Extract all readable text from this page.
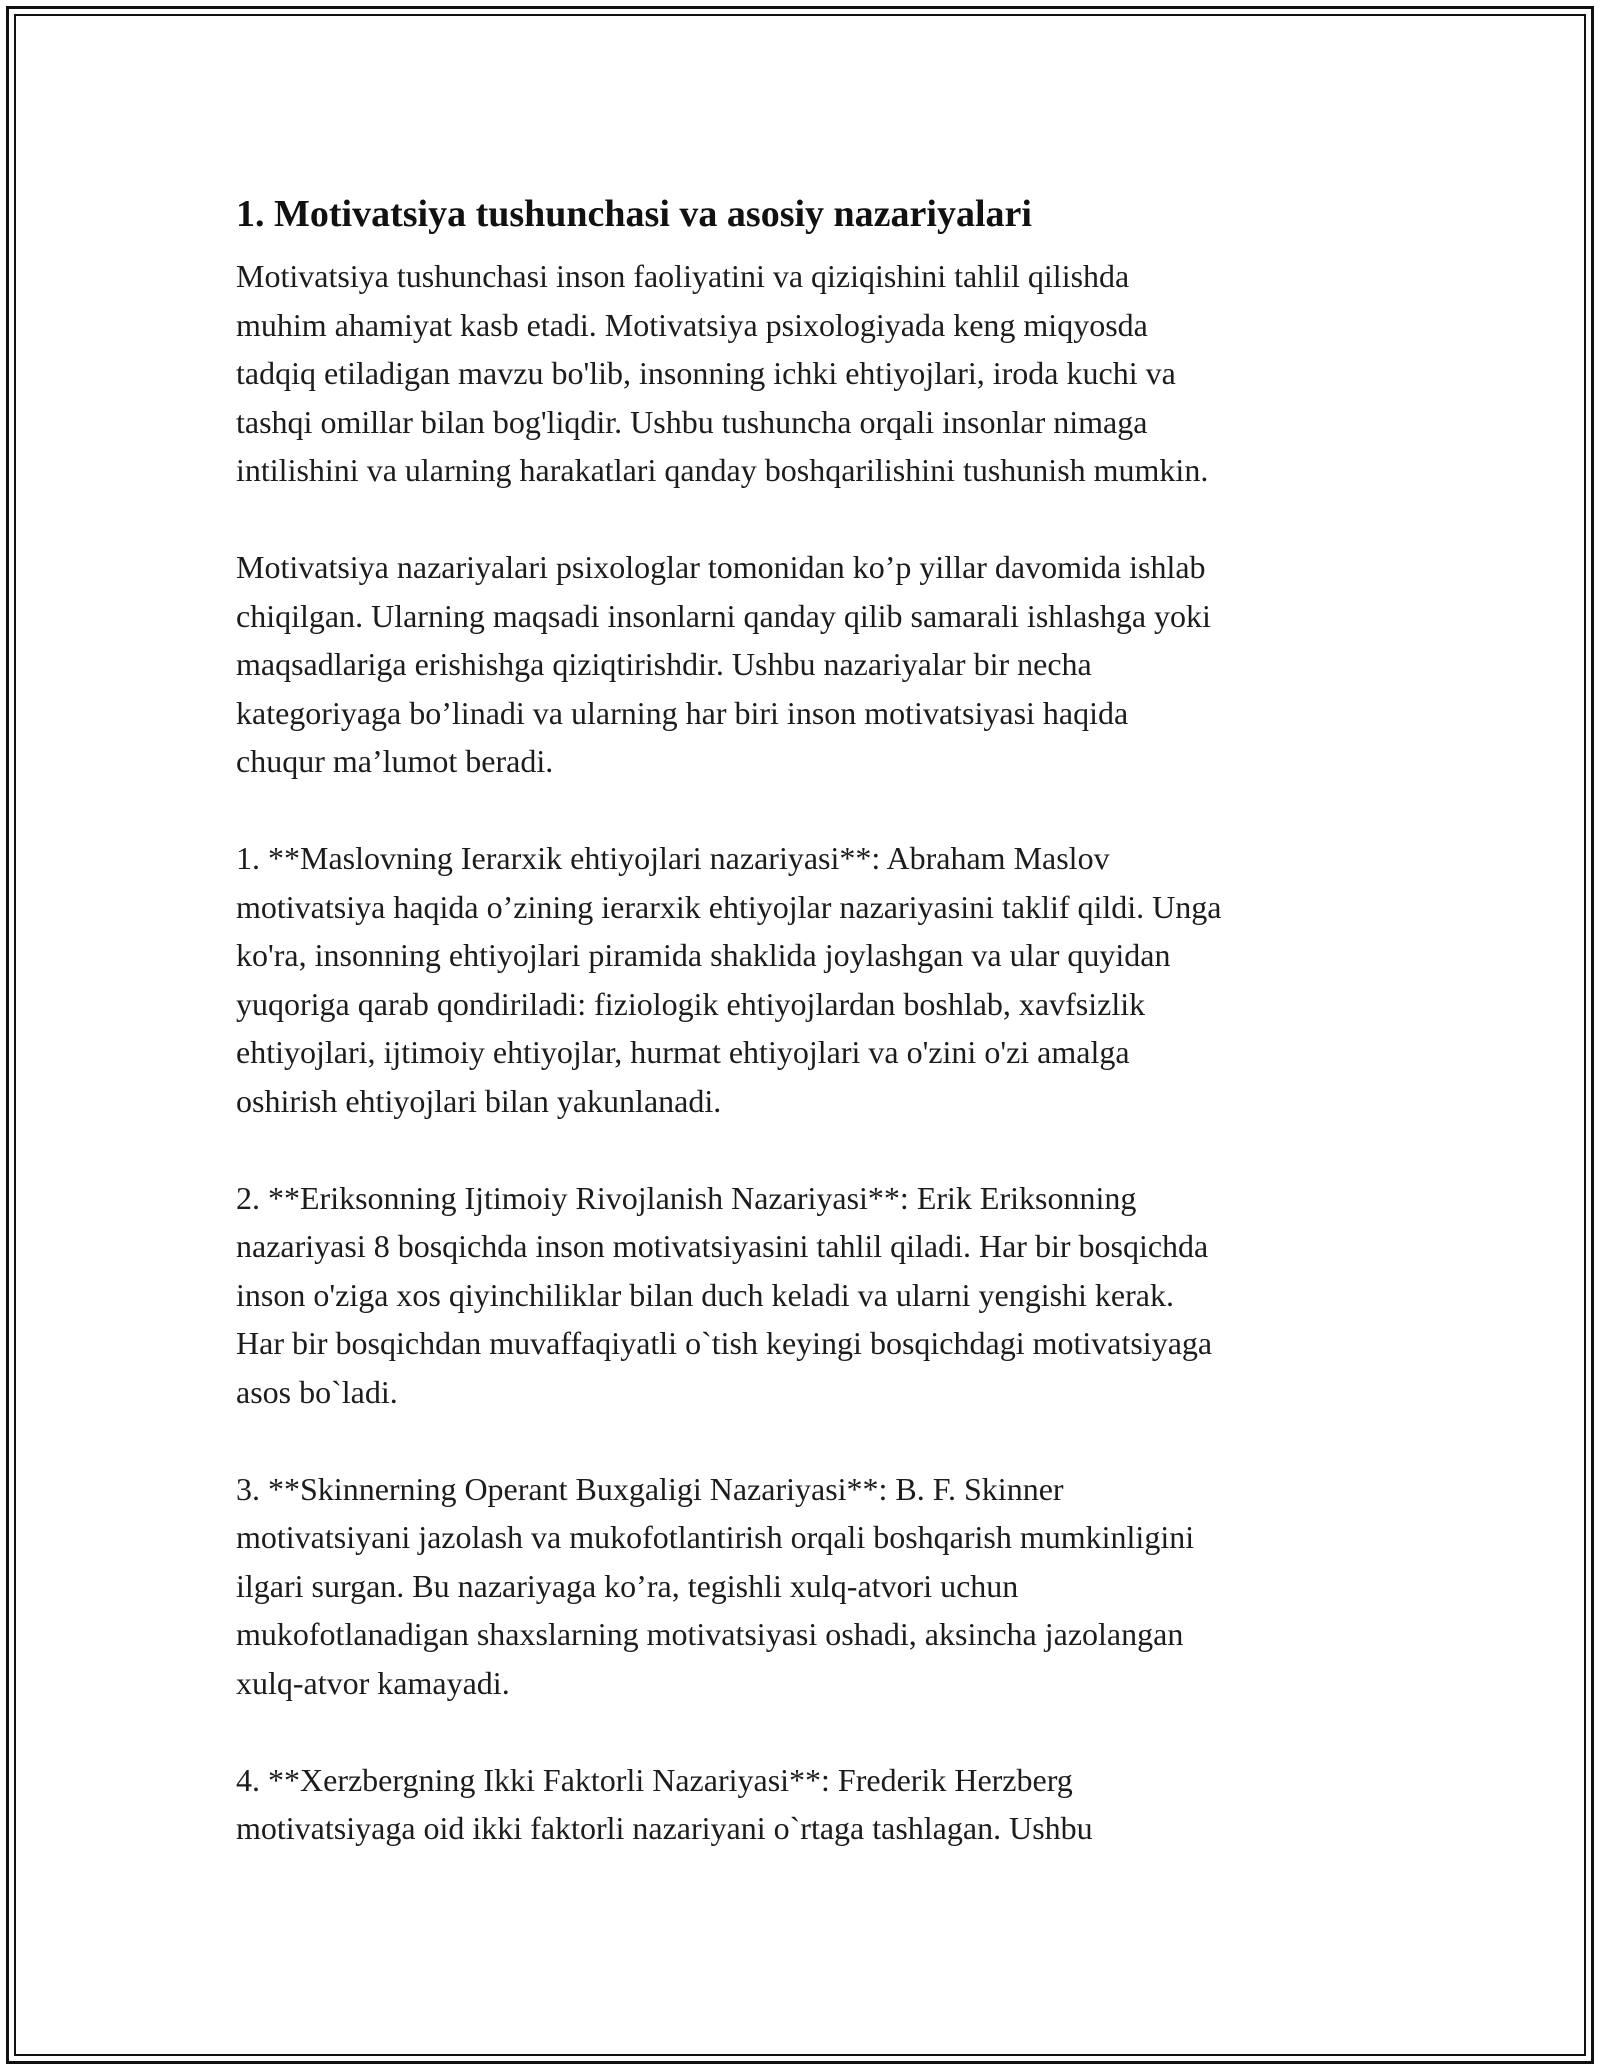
1. Motivatsiya tushunchasi va asosiy nazariyalari

Motivatsiya tushunchasi inson faoliyatini va qiziqishini tahlil qilishda
muhim ahamiyat kasb etadi. Motivatsiya psixologiyada keng miqyosda
tadqiq etiladigan mavzu bo'lib, insonning ichki ehtiyojlari, iroda kuchi va
tashqi omillar bilan bog'liqdir. Ushbu tushuncha orqali insonlar nimaga
intilishini va ularning harakatlari qanday boshqarilishini tushunish mumkin.

Motivatsiya nazariyalari psixologlar tomonidan ko’p yillar davomida ishlab
chiqilgan. Ularning maqsadi insonlarni qanday qilib samarali ishlashga yoki
maqsadlariga erishishga qiziqtirishdir. Ushbu nazariyalar bir necha
kategoriyaga bo’linadi va ularning har biri inson motivatsiyasi haqida
chuqur ma’lumot beradi.

1. **Maslovning Ierarxik ehtiyojlari nazariyasi**: Abraham Maslov
motivatsiya haqida o’zining ierarxik ehtiyojlar nazariyasini taklif qildi. Unga
ko'ra, insonning ehtiyojlari piramida shaklida joylashgan va ular quyidan
yuqoriga qarab qondiriladi: fiziologik ehtiyojlardan boshlab, xavfsizlik
ehtiyojlari, ijtimoiy ehtiyojlar, hurmat ehtiyojlari va o'zini o'zi amalga
oshirish ehtiyojlari bilan yakunlanadi.

2. **Eriksonning Ijtimoiy Rivojlanish Nazariyasi**: Erik Eriksonning
nazariyasi 8 bosqichda inson motivatsiyasini tahlil qiladi. Har bir bosqichda
inson o'ziga xos qiyinchiliklar bilan duch keladi va ularni yengishi kerak.
Har bir bosqichdan muvaffaqiyatli o`tish keyingi bosqichdagi motivatsiyaga
asos bo`ladi.

3. **Skinnerning Operant Buxgaligi Nazariyasi**: B. F. Skinner
motivatsiyani jazolash va mukofotlantirish orqali boshqarish mumkinligini
ilgari surgan. Bu nazariyaga ko’ra, tegishli xulq-atvori uchun
mukofotlanadigan shaxslarning motivatsiyasi oshadi, aksincha jazolangan
xulq-atvor kamayadi.

4. **Xerzbergning Ikki Faktorli Nazariyasi**: Frederik Herzberg
motivatsiyaga oid ikki faktorli nazariyani o`rtaga tashlagan. Ushbu
